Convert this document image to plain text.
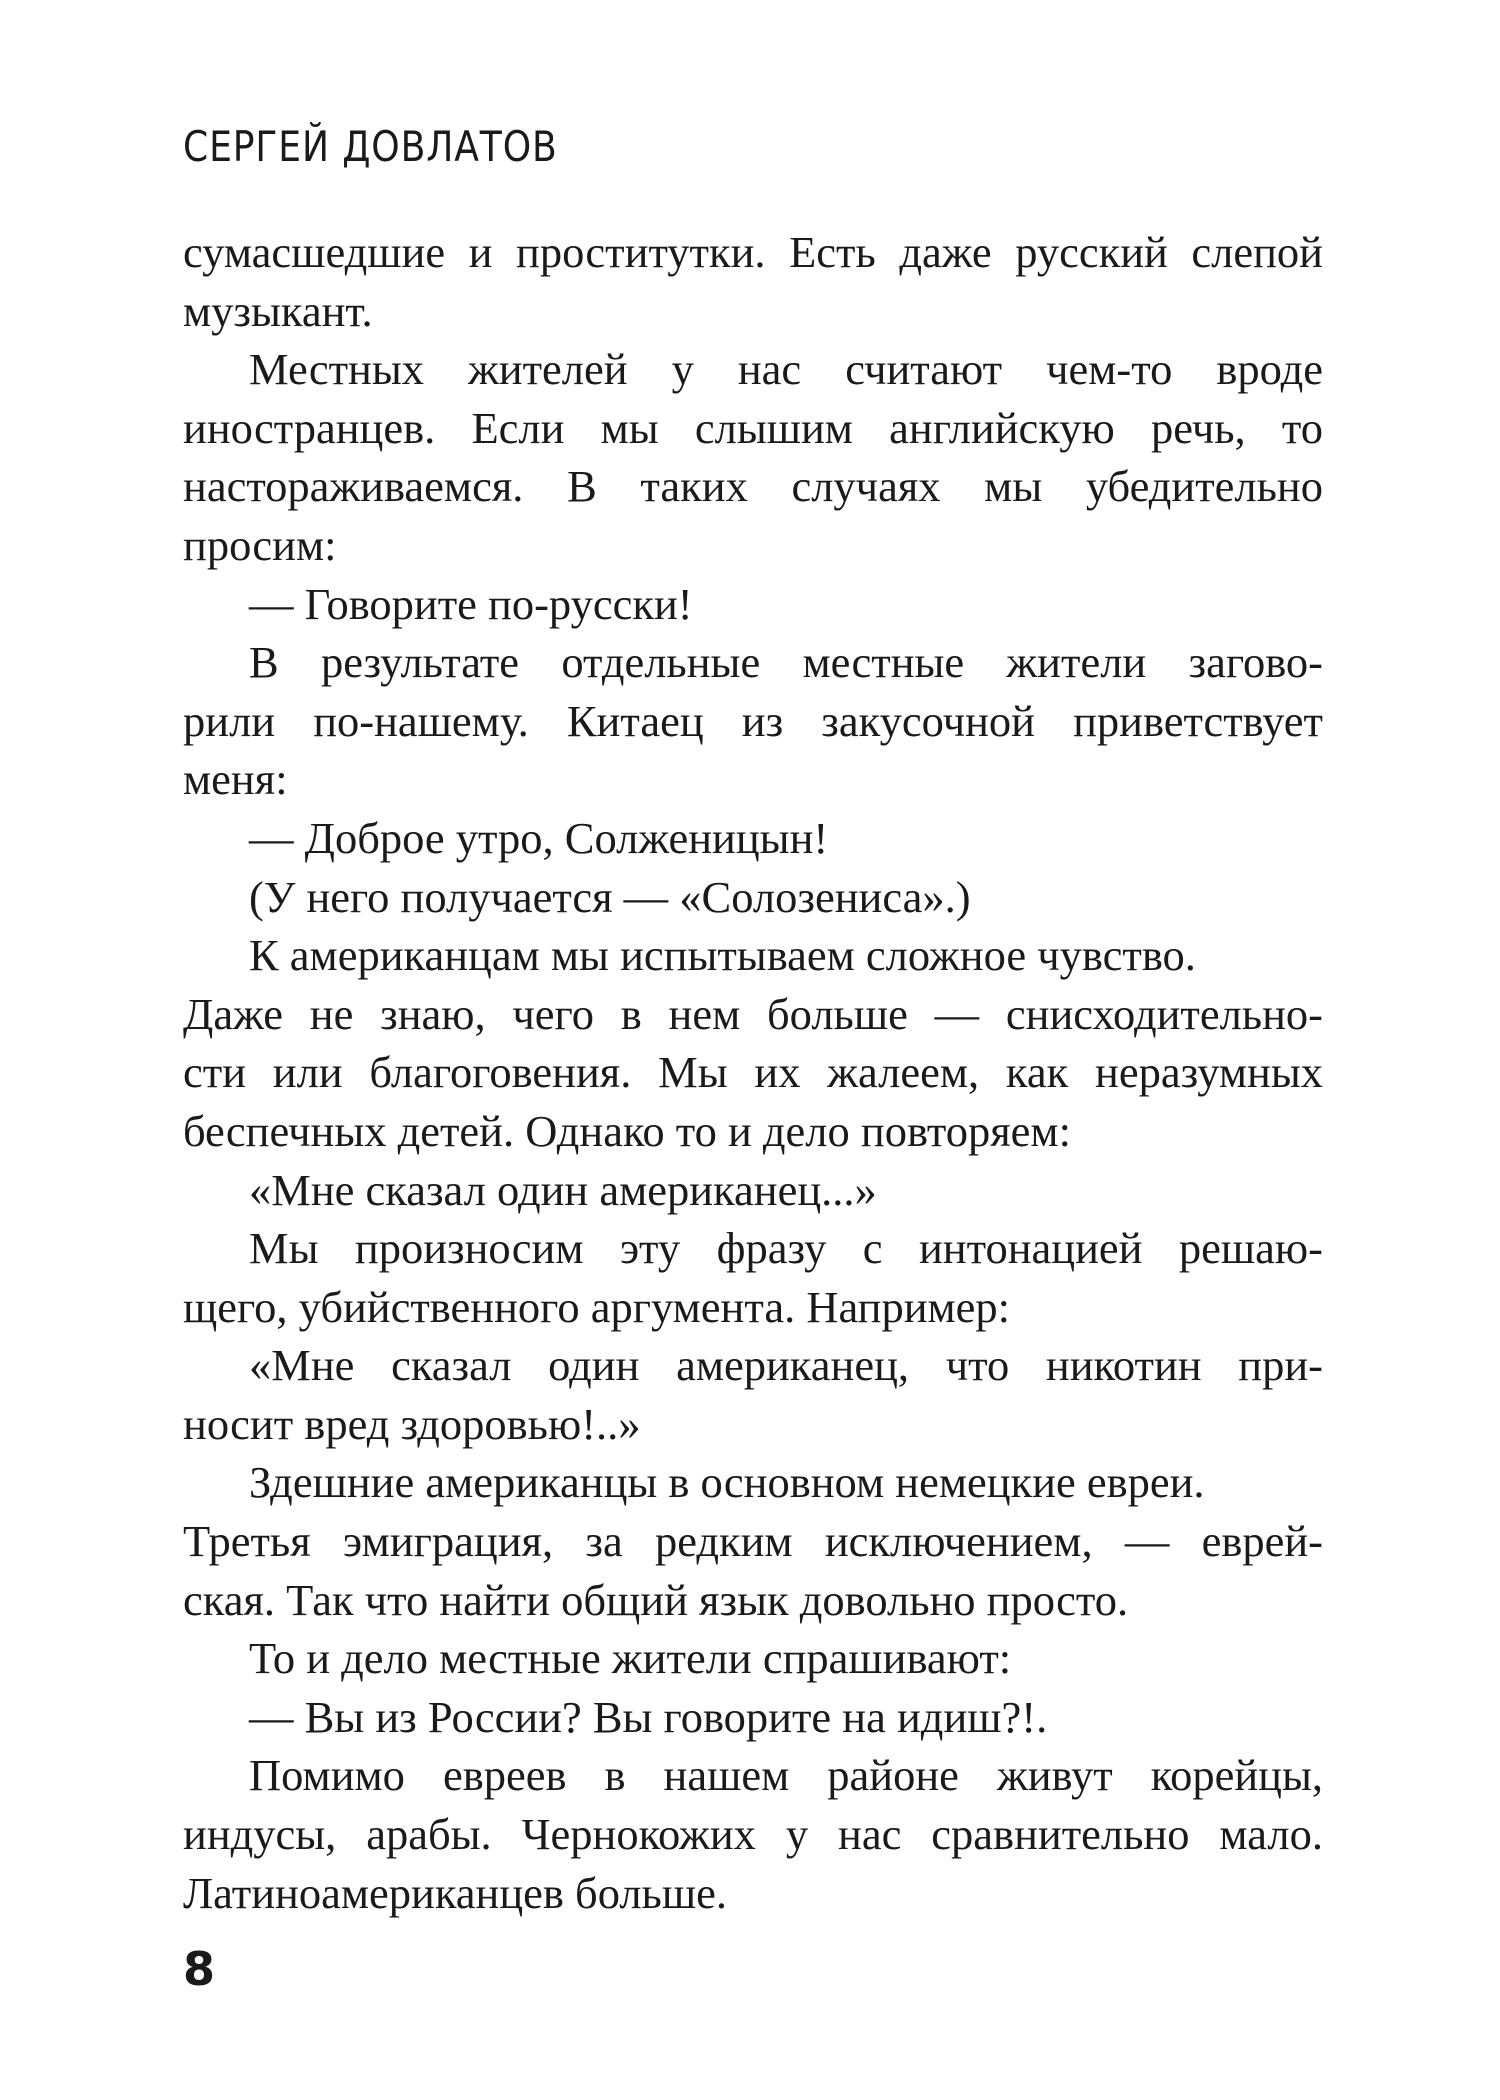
СЕРГЕЙ ДОВЛАТОВ
сумасшедшие и проститутки. Есть даже русский слепой
музыкант.
Местных жителей у нас считают чем-то вроде
иностранцев. Если мы слышим английскую речь, то
настораживаемся. В таких случаях мы убедительно
просим:
— Говорите по-русски!
В результате отдельные местные жители загово-
рили по-нашему. Китаец из закусочной приветствует
меня:
— Доброе утро, Солженицын!
(У него получается — «Солозениса».)
К американцам мы испытываем сложное чувство.
Даже не знаю, чего в нем больше — снисходительно-
сти или благоговения. Мы их жалеем, как неразумных
беспечных детей. Однако то и дело повторяем:
«Мне сказал один американец...»
Мы произносим эту фразу с интонацией решаю-
щего, убийственного аргумента. Например:
«Мне сказал один американец, что никотин при-
носит вред здоровью!..»
Здешние американцы в основном немецкие евреи.
Третья эмиграция, за редким исключением, — еврей-
ская. Так что найти общий язык довольно просто.
То и дело местные жители спрашивают:
— Вы из России? Вы говорите на идиш?!.
Помимо евреев в нашем районе живут корейцы,
индусы, арабы. Чернокожих у нас сравнительно мало.
Латиноамериканцев больше.
8
